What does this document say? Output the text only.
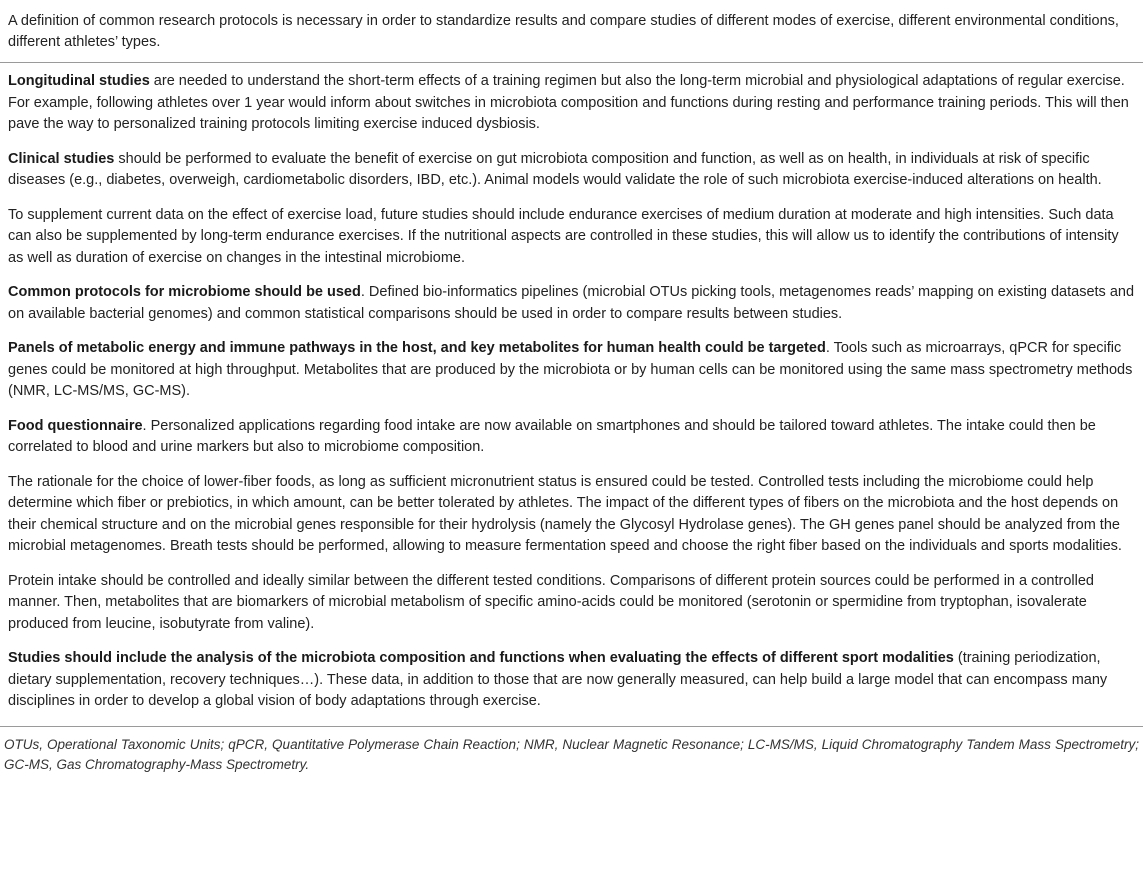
A definition of common research protocols is necessary in order to standardize results and compare studies of different modes of exercise, different environmental conditions, different athletes’ types.
Longitudinal studies are needed to understand the short-term effects of a training regimen but also the long-term microbial and physiological adaptations of regular exercise.
For example, following athletes over 1 year would inform about switches in microbiota composition and functions during resting and performance training periods. This will then pave the way to personalized training protocols limiting exercise induced dysbiosis.
Clinical studies should be performed to evaluate the benefit of exercise on gut microbiota composition and function, as well as on health, in individuals at risk of specific diseases (e.g., diabetes, overweigh, cardiometabolic disorders, IBD, etc.). Animal models would validate the role of such microbiota exercise-induced alterations on health.
To supplement current data on the effect of exercise load, future studies should include endurance exercises of medium duration at moderate and high intensities. Such data can also be supplemented by long-term endurance exercises. If the nutritional aspects are controlled in these studies, this will allow us to identify the contributions of intensity as well as duration of exercise on changes in the intestinal microbiome.
Common protocols for microbiome should be used. Defined bio-informatics pipelines (microbial OTUs picking tools, metagenomes reads’ mapping on existing datasets and on available bacterial genomes) and common statistical comparisons should be used in order to compare results between studies.
Panels of metabolic energy and immune pathways in the host, and key metabolites for human health could be targeted. Tools such as microarrays, qPCR for specific genes could be monitored at high throughput. Metabolites that are produced by the microbiota or by human cells can be monitored using the same mass spectrometry methods (NMR, LC-MS/MS, GC-MS).
Food questionnaire. Personalized applications regarding food intake are now available on smartphones and should be tailored toward athletes. The intake could then be correlated to blood and urine markers but also to microbiome composition.
The rationale for the choice of lower-fiber foods, as long as sufficient micronutrient status is ensured could be tested. Controlled tests including the microbiome could help determine which fiber or prebiotics, in which amount, can be better tolerated by athletes. The impact of the different types of fibers on the microbiota and the host depends on their chemical structure and on the microbial genes responsible for their hydrolysis (namely the Glycosyl Hydrolase genes). The GH genes panel should be analyzed from the microbial metagenomes. Breath tests should be performed, allowing to measure fermentation speed and choose the right fiber based on the individuals and sports modalities.
Protein intake should be controlled and ideally similar between the different tested conditions. Comparisons of different protein sources could be performed in a controlled manner. Then, metabolites that are biomarkers of microbial metabolism of specific amino-acids could be monitored (serotonin or spermidine from tryptophan, isovalerate produced from leucine, isobutyrate from valine).
Studies should include the analysis of the microbiota composition and functions when evaluating the effects of different sport modalities (training periodization, dietary supplementation, recovery techniques…). These data, in addition to those that are now generally measured, can help build a large model that can encompass many disciplines in order to develop a global vision of body adaptations through exercise.
OTUs, Operational Taxonomic Units; qPCR, Quantitative Polymerase Chain Reaction; NMR, Nuclear Magnetic Resonance; LC-MS/MS, Liquid Chromatography Tandem Mass Spectrometry; GC-MS, Gas Chromatography-Mass Spectrometry.
